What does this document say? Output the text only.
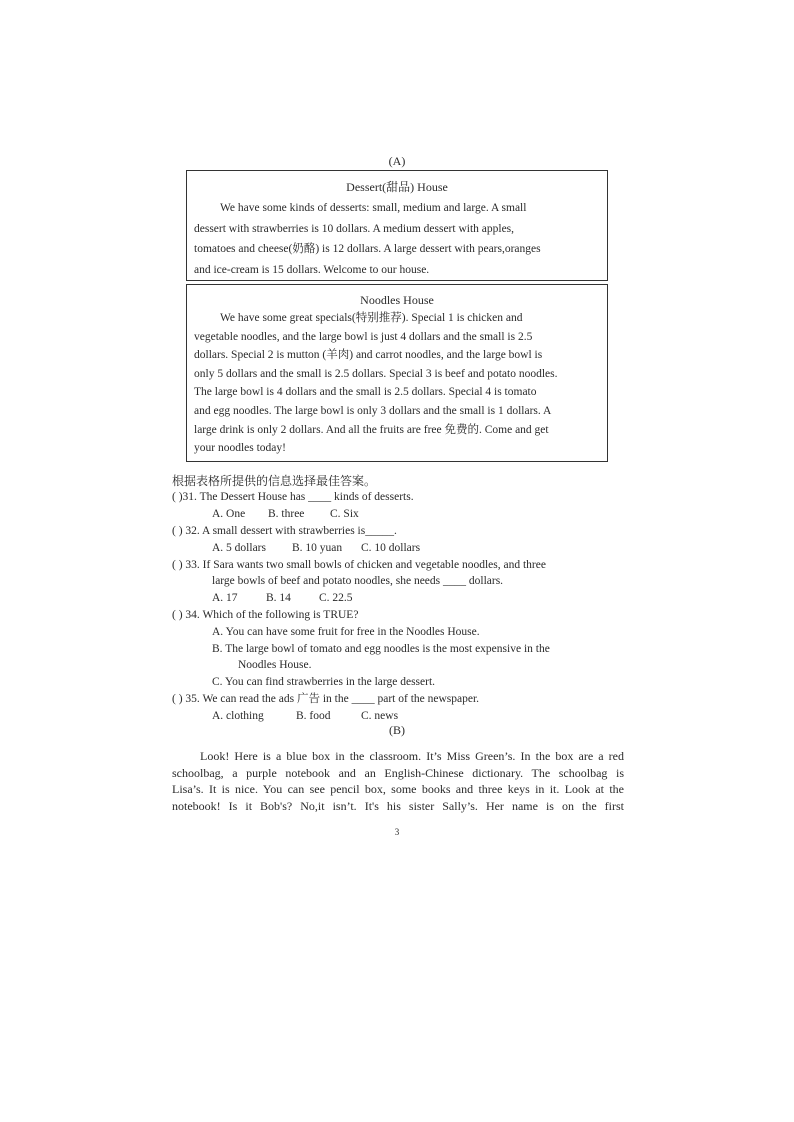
(A)
Dessert(甜品) House
We have some kinds of desserts: small, medium and large. A small
dessert with strawberries is 10 dollars. A medium dessert with apples,
tomatoes and cheese(奶酪) is 12 dollars. A large dessert with pears,oranges
and ice-cream is 15 dollars. Welcome to our house.
Noodles House
We have some great specials(特别推荐). Special 1 is chicken and
vegetable noodles, and the large bowl is just 4 dollars and the small is 2.5
dollars. Special 2 is mutton (羊肉) and carrot noodles, and the large bowl is
only 5 dollars and the small is 2.5 dollars. Special 3 is beef and potato noodles.
The large bowl is 4 dollars and the small is 2.5 dollars. Special 4 is tomato
and egg noodles. The large bowl is only 3 dollars and the small is 1 dollars. A
large drink is only 2 dollars. And all the fruits are free 免费的. Come and get
your noodles today!
根据表格所提供的信息选择最佳答案。
( )31. The Dessert House has ____ kinds of desserts.
A. One B. three C. Six
( ) 32. A small dessert with strawberries is_____.
A. 5 dollars B. 10 yuan C. 10 dollars
( ) 33. If Sara wants two small bowls of chicken and vegetable noodles, and three
large bowls of beef and potato noodles, she needs ____ dollars.
A. 17 B. 14 C. 22.5
( ) 34. Which of the following is TRUE?
A. You can have some fruit for free in the Noodles House.
B. The large bowl of tomato and egg noodles is the most expensive in the
Noodles House.
C. You can find strawberries in the large dessert.
( ) 35. We can read the ads 广告 in the ____ part of the newspaper.
A. clothing	B. food	C. news
(B)
Look! Here is a blue box in the classroom. It’s Miss Green’s. In the box are a red
schoolbag, a purple notebook and an English-Chinese dictionary. The schoolbag is
Lisa’s. It is nice. You can see pencil box, some books and three keys in it. Look at the
notebook! Is it Bob's? No,it isn’t. It's his sister Sally’s. Her name is on the first
3
